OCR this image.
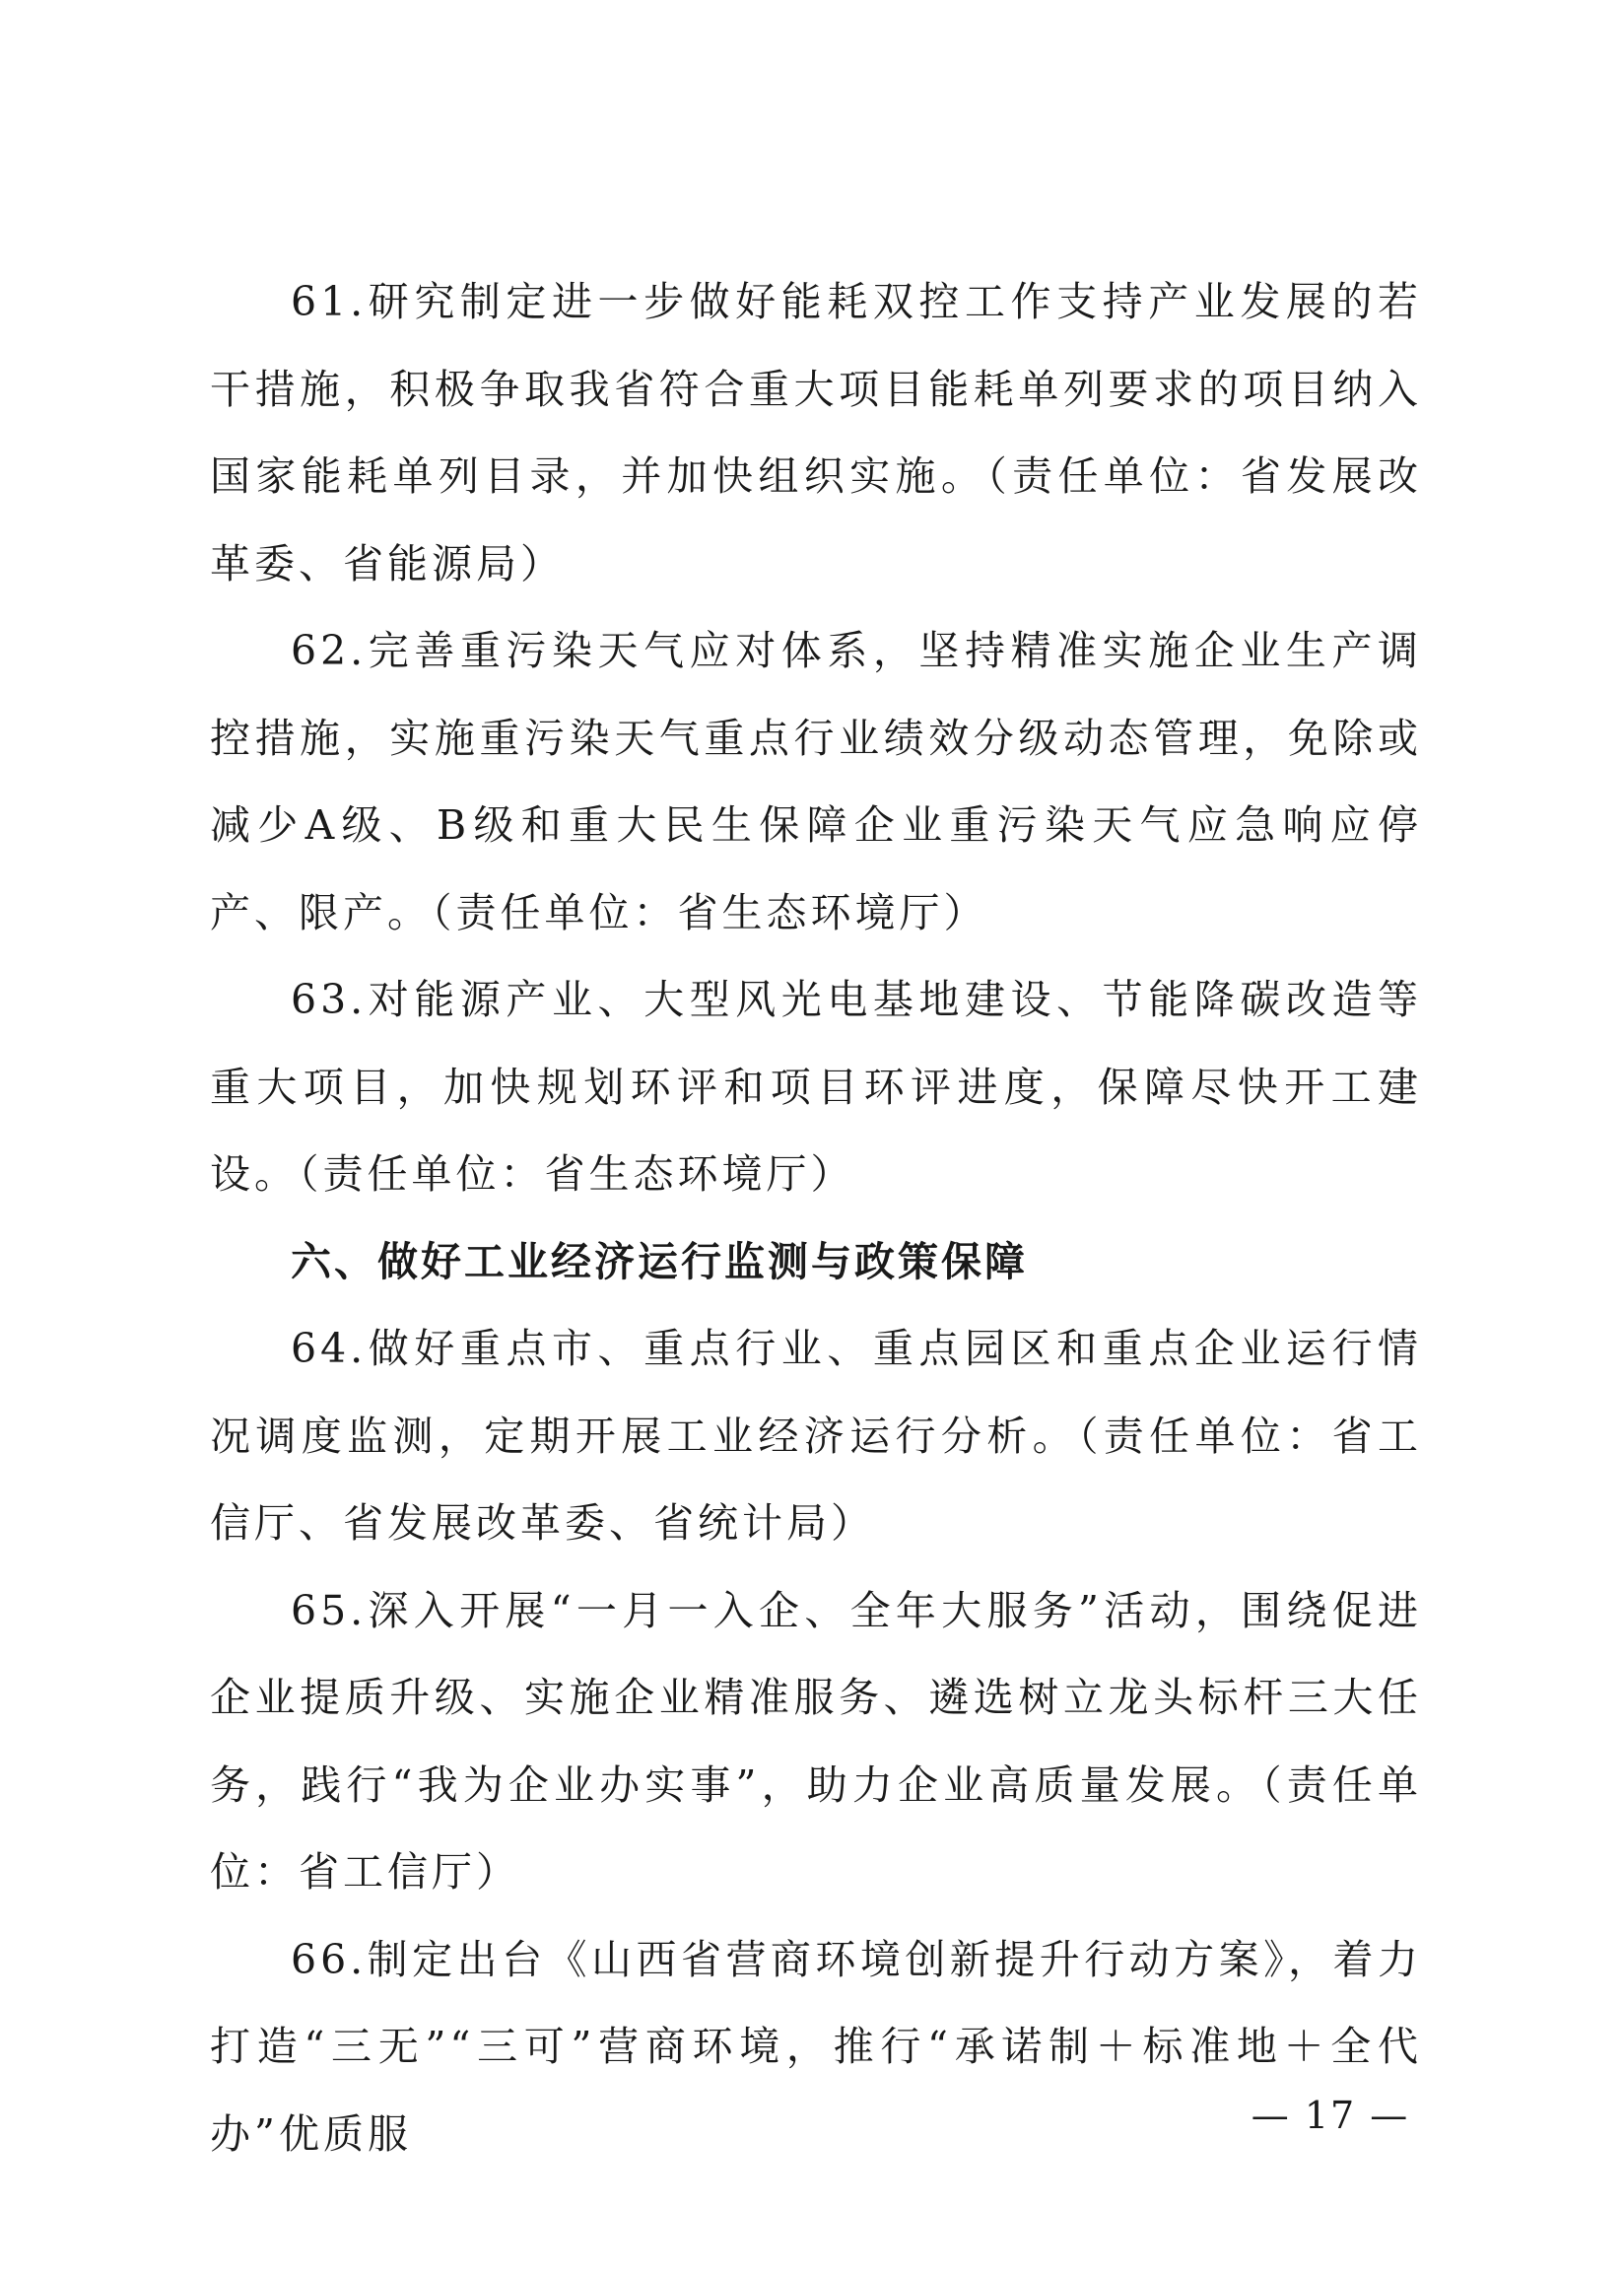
61.研究制定进一步做好能耗双控工作支持产业发展的若干措施，积极争取我省符合重大项目能耗单列要求的项目纳入国家能耗单列目录，并加快组织实施。（责任单位：省发展改革委、省能源局）

62.完善重污染天气应对体系，坚持精准实施企业生产调控措施，实施重污染天气重点行业绩效分级动态管理，免除或减少A级、B级和重大民生保障企业重污染天气应急响应停产、限产。（责任单位：省生态环境厅）

63.对能源产业、大型风光电基地建设、节能降碳改造等重大项目，加快规划环评和项目环评进度，保障尽快开工建设。（责任单位：省生态环境厅）

六、做好工业经济运行监测与政策保障

64.做好重点市、重点行业、重点园区和重点企业运行情况调度监测，定期开展工业经济运行分析。（责任单位：省工信厅、省发展改革委、省统计局）

65.深入开展“一月一入企、全年大服务”活动，围绕促进企业提质升级、实施企业精准服务、遴选树立龙头标杆三大任务，践行“我为企业办实事”，助力企业高质量发展。（责任单位：省工信厅）

66.制定出台《山西省营商环境创新提升行动方案》，着力打造“三无”“三可”营商环境，推行“承诺制＋标准地＋全代办”优质服	— 17 —
